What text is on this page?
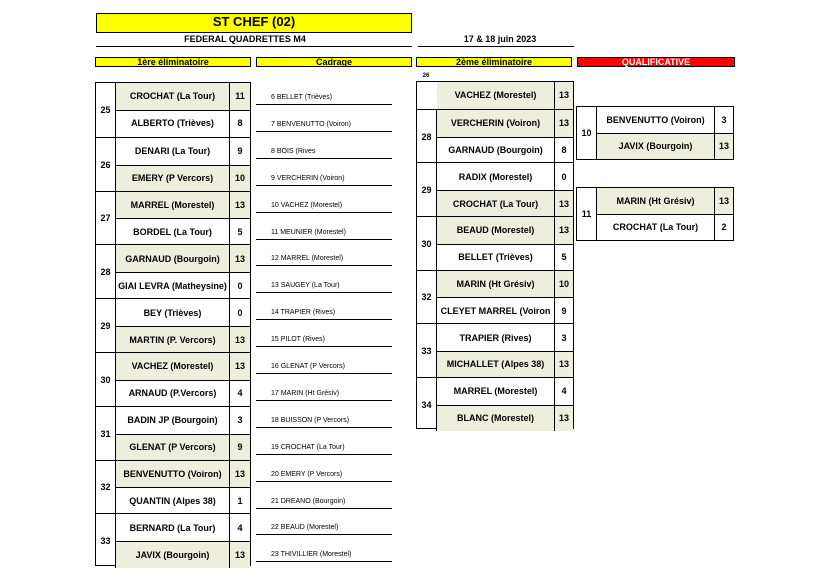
ST CHEF (02)
FEDERAL QUADRETTES M4	17 & 18 juin 2023
1ère éliminatoire	Cadrage	2ème éliminatoire	QUALIFICATIVE
25
CROCHAT (La Tour)	11
ALBERTO (Trièves)	8
26
DENARI (La Tour)	9
EMERY (P Vercors)	10
27
MARREL (Morestel)	13
BORDEL (La Tour)	5
28
GARNAUD (Bourgoin)	13
GIAI LEVRA (Matheysine)	0
29
BEY (Trièves)	0
MARTIN (P. Vercors)	13
30
VACHEZ (Morestel)	13
ARNAUD (P.Vercors)	4
31
BADIN JP (Bourgoin)	3
GLENAT (P Vercors)	9
32
BENVENUTTO (Voiron)	13
QUANTIN (Alpes 38)	1
33
BERNARD (La Tour)	4
JAVIX (Bourgoin)	13
6 BELLET (Trièves)
7 BENVENUTTO (Voiron)
8 BOIS (Rives
9 VERCHERIN (Voiron)
10 VACHEZ (Morestel)
11 MEUNIER (Morestel)
12 MARREL (Morestel)
13 SAUGEY (La Tour)
14 TRAPIER (Rives)
15 PILOT (Rives)
16 GLENAT (P Vercors)
17 MARIN (Ht Grésiv)
18 BUISSON (P Vercors)
19 CROCHAT (La Tour)
20 EMERY (P Vercors)
21 DREANO (Bourgoin)
22 BEAUD (Morestel)
23 THIVILLIER (Morestel)
26
VACHEZ (Morestel)	13
28
VERCHERIN (Voiron)	13
GARNAUD (Bourgoin)	8
29
RADIX (Morestel)	0
CROCHAT (La Tour)	13
30
BEAUD (Morestel)	13
BELLET (Trièves)	5
32
MARIN (Ht Grésiv)	10
CLEYET MARREL (Voiron	9
33
TRAPIER (Rives)	3
MICHALLET (Alpes 38)	13
34
MARREL (Morestel)	4
BLANC (Morestel)	13
10
BENVENUTTO (Voiron)	3
JAVIX (Bourgoin)	13
11
MARIN (Ht Grésiv)	13
CROCHAT (La Tour)	2
